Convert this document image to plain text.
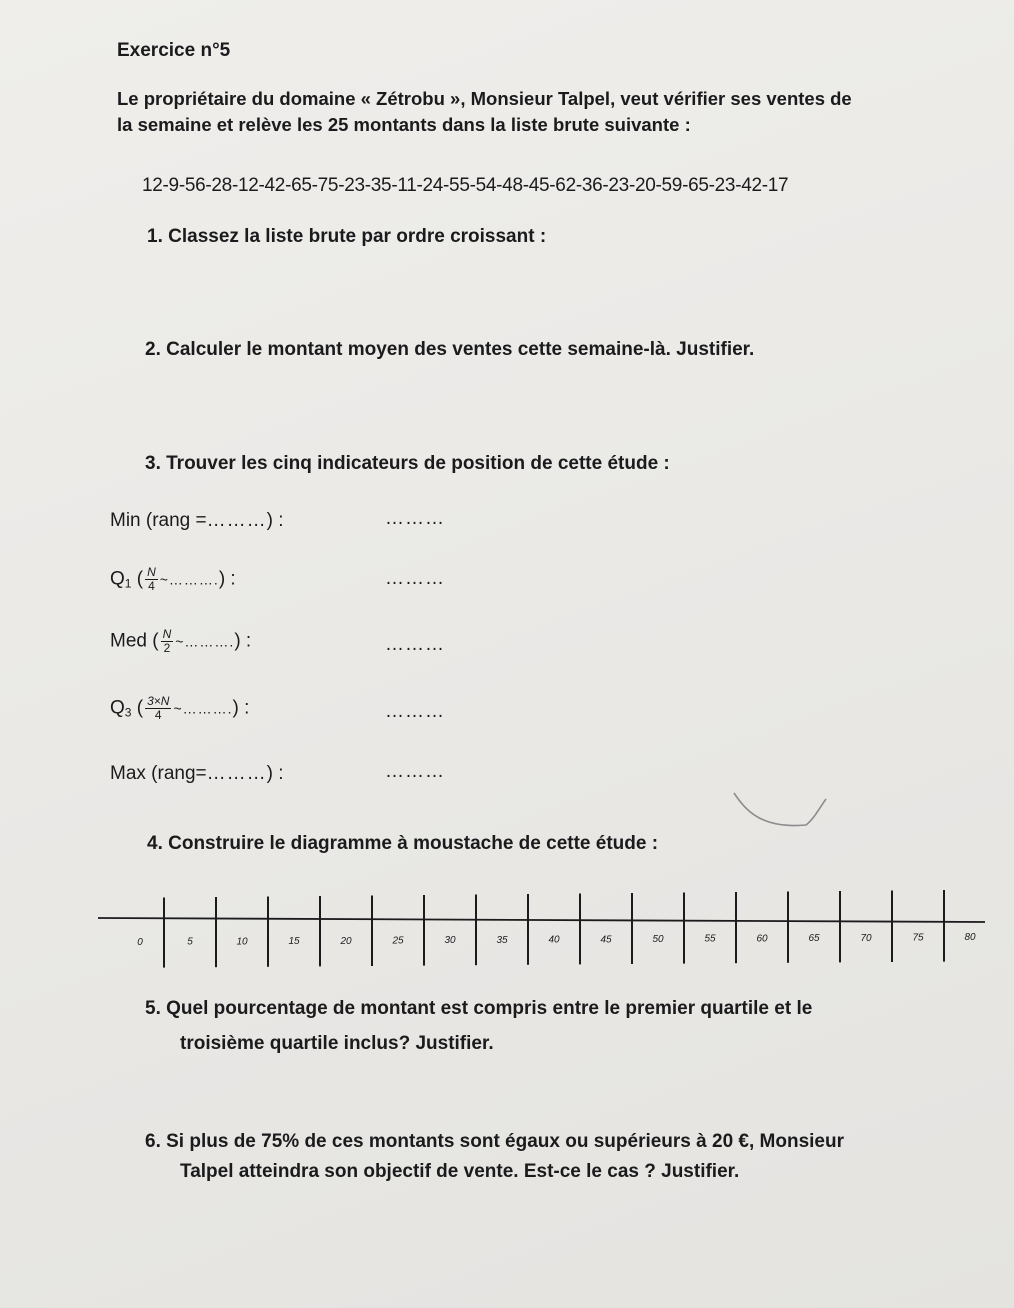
Exercice n°5
Le propriétaire du domaine « Zétrobu », Monsieur Talpel, veut vérifier ses ventes de
la semaine et relève les 25 montants dans la liste brute suivante :
12-9-56-28-12-42-65-75-23-35-11-24-55-54-48-45-62-36-23-20-59-65-23-42-17
1. Classez la liste brute par ordre croissant :
2. Calculer le montant moyen des ventes cette semaine-là. Justifier.
3. Trouver les cinq indicateurs de position de cette étude :
Min (rang =………) :	………
$Q_1$ ( $\frac{N}{4}$ ~……….) :	………
Med ( $\frac{N}{2}$ ~……….) :	………
$Q_3$ ( $\frac{3\times N}{4}$ ~……….) :	………
Max (rang=………) :	………
4. Construire le diagramme à moustache de cette étude :
0	5	10	15	20	25	30	35	40	45	50	55	60	65	70	75	80
5. Quel pourcentage de montant est compris entre le premier quartile et le
troisième quartile inclus? Justifier.
6. Si plus de 75% de ces montants sont égaux ou supérieurs à 20 €, Monsieur
Talpel atteindra son objectif de vente. Est-ce le cas ? Justifier.
